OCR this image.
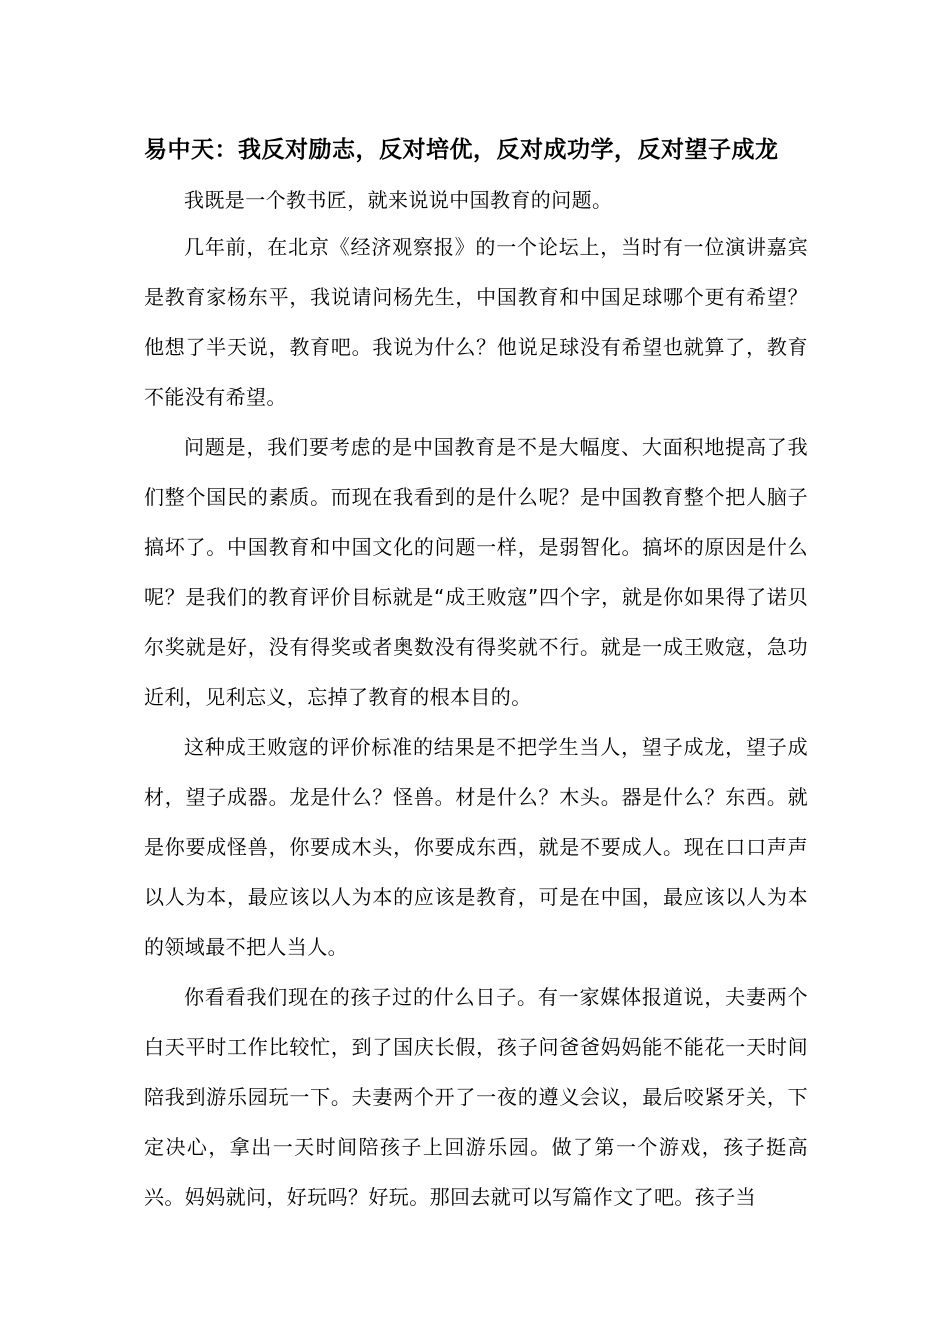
易中天：我反对励志，反对培优，反对成功学，反对望子成龙

我既是一个教书匠，就来说说中国教育的问题。

几年前，在北京《经济观察报》的一个论坛上，当时有一位演讲嘉宾是教育家杨东平，我说请问杨先生，中国教育和中国足球哪个更有希望？他想了半天说，教育吧。我说为什么？他说足球没有希望也就算了，教育不能没有希望。

问题是，我们要考虑的是中国教育是不是大幅度、大面积地提高了我们整个国民的素质。而现在我看到的是什么呢？是中国教育整个把人脑子搞坏了。中国教育和中国文化的问题一样，是弱智化。搞坏的原因是什么呢？是我们的教育评价目标就是“成王败寇”四个字，就是你如果得了诺贝尔奖就是好，没有得奖或者奥数没有得奖就不行。就是一成王败寇，急功近利，见利忘义，忘掉了教育的根本目的。

这种成王败寇的评价标准的结果是不把学生当人，望子成龙，望子成材，望子成器。龙是什么？怪兽。材是什么？木头。器是什么？东西。就是你要成怪兽，你要成木头，你要成东西，就是不要成人。现在口口声声以人为本，最应该以人为本的应该是教育，可是在中国，最应该以人为本的领域最不把人当人。

你看看我们现在的孩子过的什么日子。有一家媒体报道说，夫妻两个白天平时工作比较忙，到了国庆长假，孩子问爸爸妈妈能不能花一天时间陪我到游乐园玩一下。夫妻两个开了一夜的遵义会议，最后咬紧牙关，下定决心，拿出一天时间陪孩子上回游乐园。做了第一个游戏，孩子挺高兴。妈妈就问，好玩吗？好玩。那回去就可以写篇作文了吧。孩子当
